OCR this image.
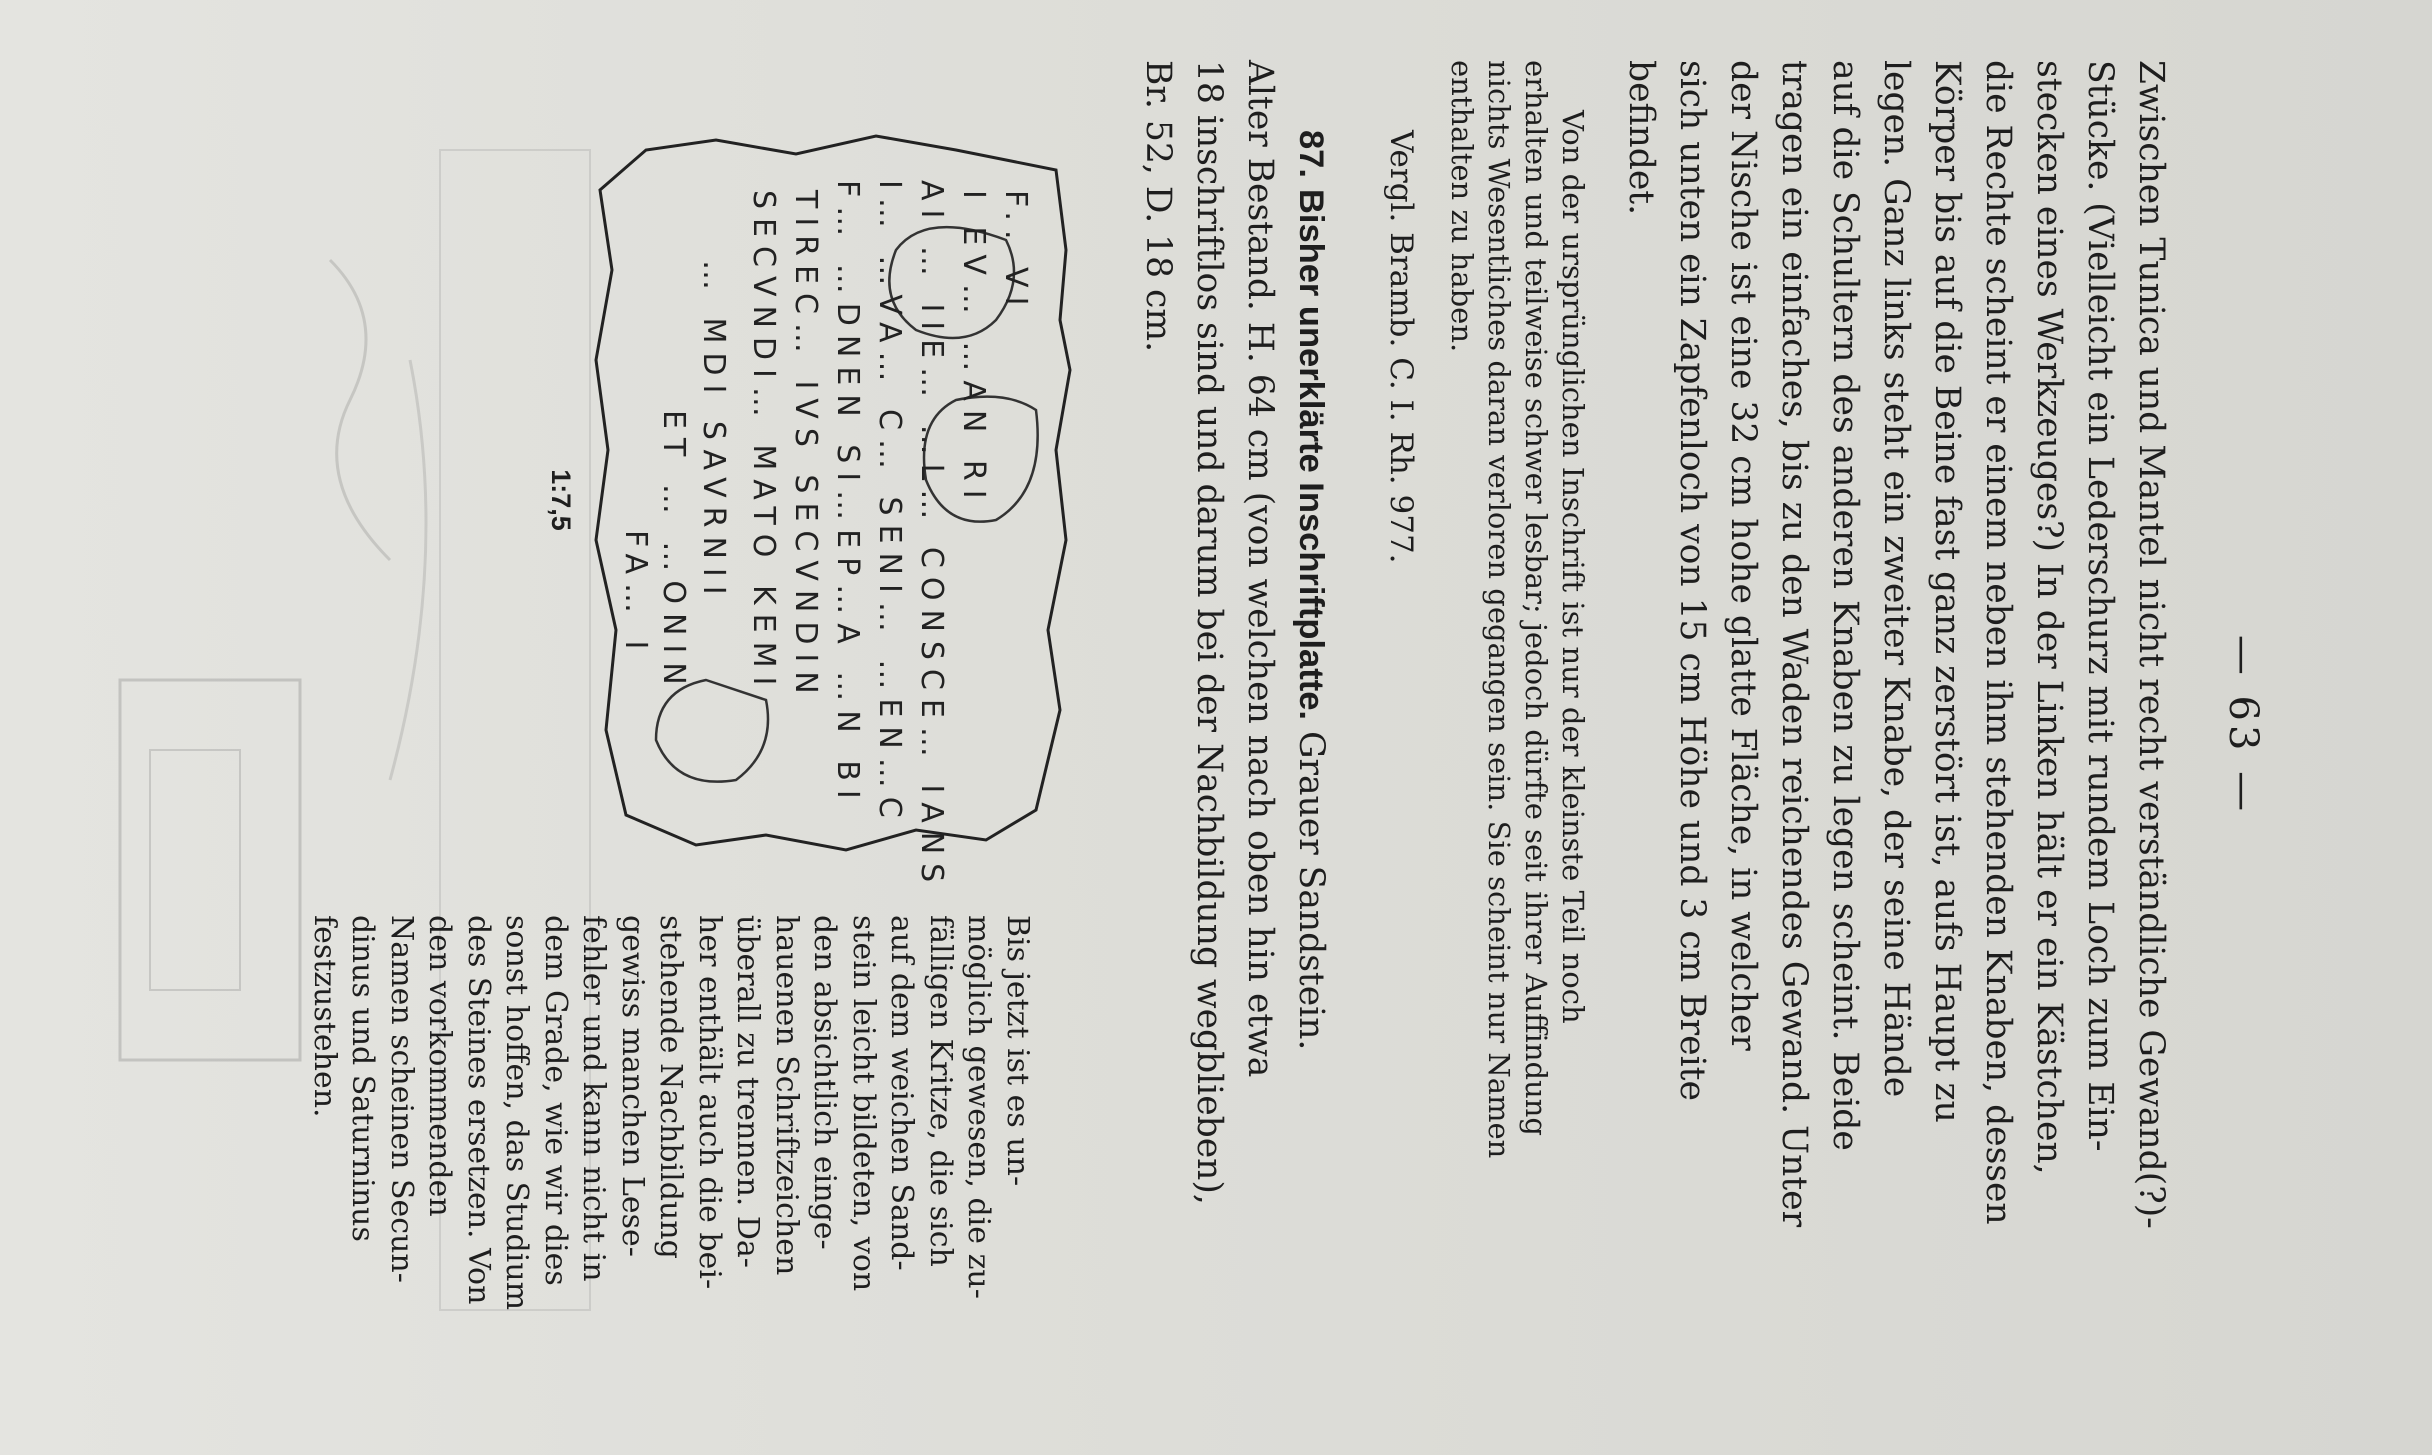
— 63 —

Zwischen Tunica und Mantel nicht recht verständliche Gewand(?)-
Stücke. (Vielleicht ein Lederschurz mit rundem Loch zum Ein-
stecken eines Werkzeuges?) In der Linken hält er ein Kästchen,
die Rechte scheint er einem neben ihm stehenden Knaben, dessen
Körper bis auf die Beine fast ganz zerstört ist, aufs Haupt zu
legen. Ganz links steht ein zweiter Knabe, der seine Hände
auf die Schultern des anderen Knaben zu legen scheint. Beide
tragen ein einfaches, bis zu den Waden reichendes Gewand. Unter
der Nische ist eine 32 cm hohe glatte Fläche, in welcher
sich unten ein Zapfenloch von 15 cm Höhe und 3 cm Breite
befindet.

Von der ursprünglichen Inschrift ist nur der kleinste Teil noch
erhalten und teilweise schwer lesbar; jedoch dürfte seit ihrer Auffindung
nichts Wesentliches daran verloren gegangen sein. Sie scheint nur Namen
enthalten zu haben.

Vergl. Bramb. C. I. Rh. 977.

87. Bisher unerklärte Inschriftplatte. Grauer Sandstein.
Alter Bestand. H. 64 cm (von welchen nach oben hin etwa
18 inschriftlos sind und darum bei der Nachbildung wegblieben),
Br. 52, D. 18 cm.

F.. VI
I EV… …AN RI
AI … IIE… …L… CONSCE… IANS…
I… …VA… C… SENI… …EN…C
F… …DNEN SI…EP…A …N BI
TIREC… IVS SECVNDIN
SECVNDI… MATO KEMI
… MDI SAVRNII
ET … …ONIN
FA… I
1:7,5

Bis jetzt ist es un-
möglich gewesen, die zu-
fälligen Kritze, die sich
auf dem weichen Sand-
stein leicht bildeten, von
den absichtlich einge-
hauenen Schriftzeichen
überall zu trennen. Da-
her enthält auch die bei-
stehende Nachbildung
gewiss manchen Lese-
fehler und kann nicht in
dem Grade, wie wir dies
sonst hoffen, das Studium
des Steines ersetzen. Von
den vorkommenden
Namen scheinen Secun-
dinus und Saturninus
festzustehen.
